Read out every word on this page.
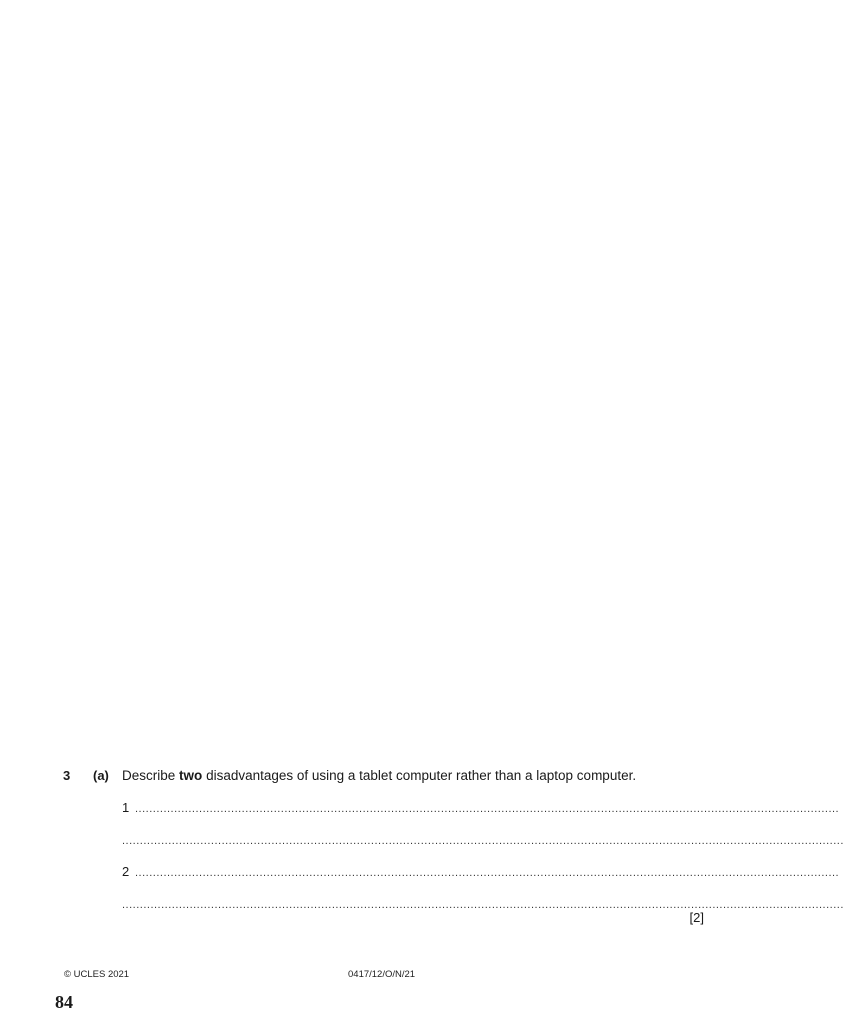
3 (a) Describe two disadvantages of using a tablet computer rather than a laptop computer.
1 ......................................................................................................................................................................................................
...........................................................................................................................................................................................................
2 ......................................................................................................................................................................................................
...........................................................................................................................................................................................................
[2]
© UCLES 2021	0417/12/O/N/21
84
